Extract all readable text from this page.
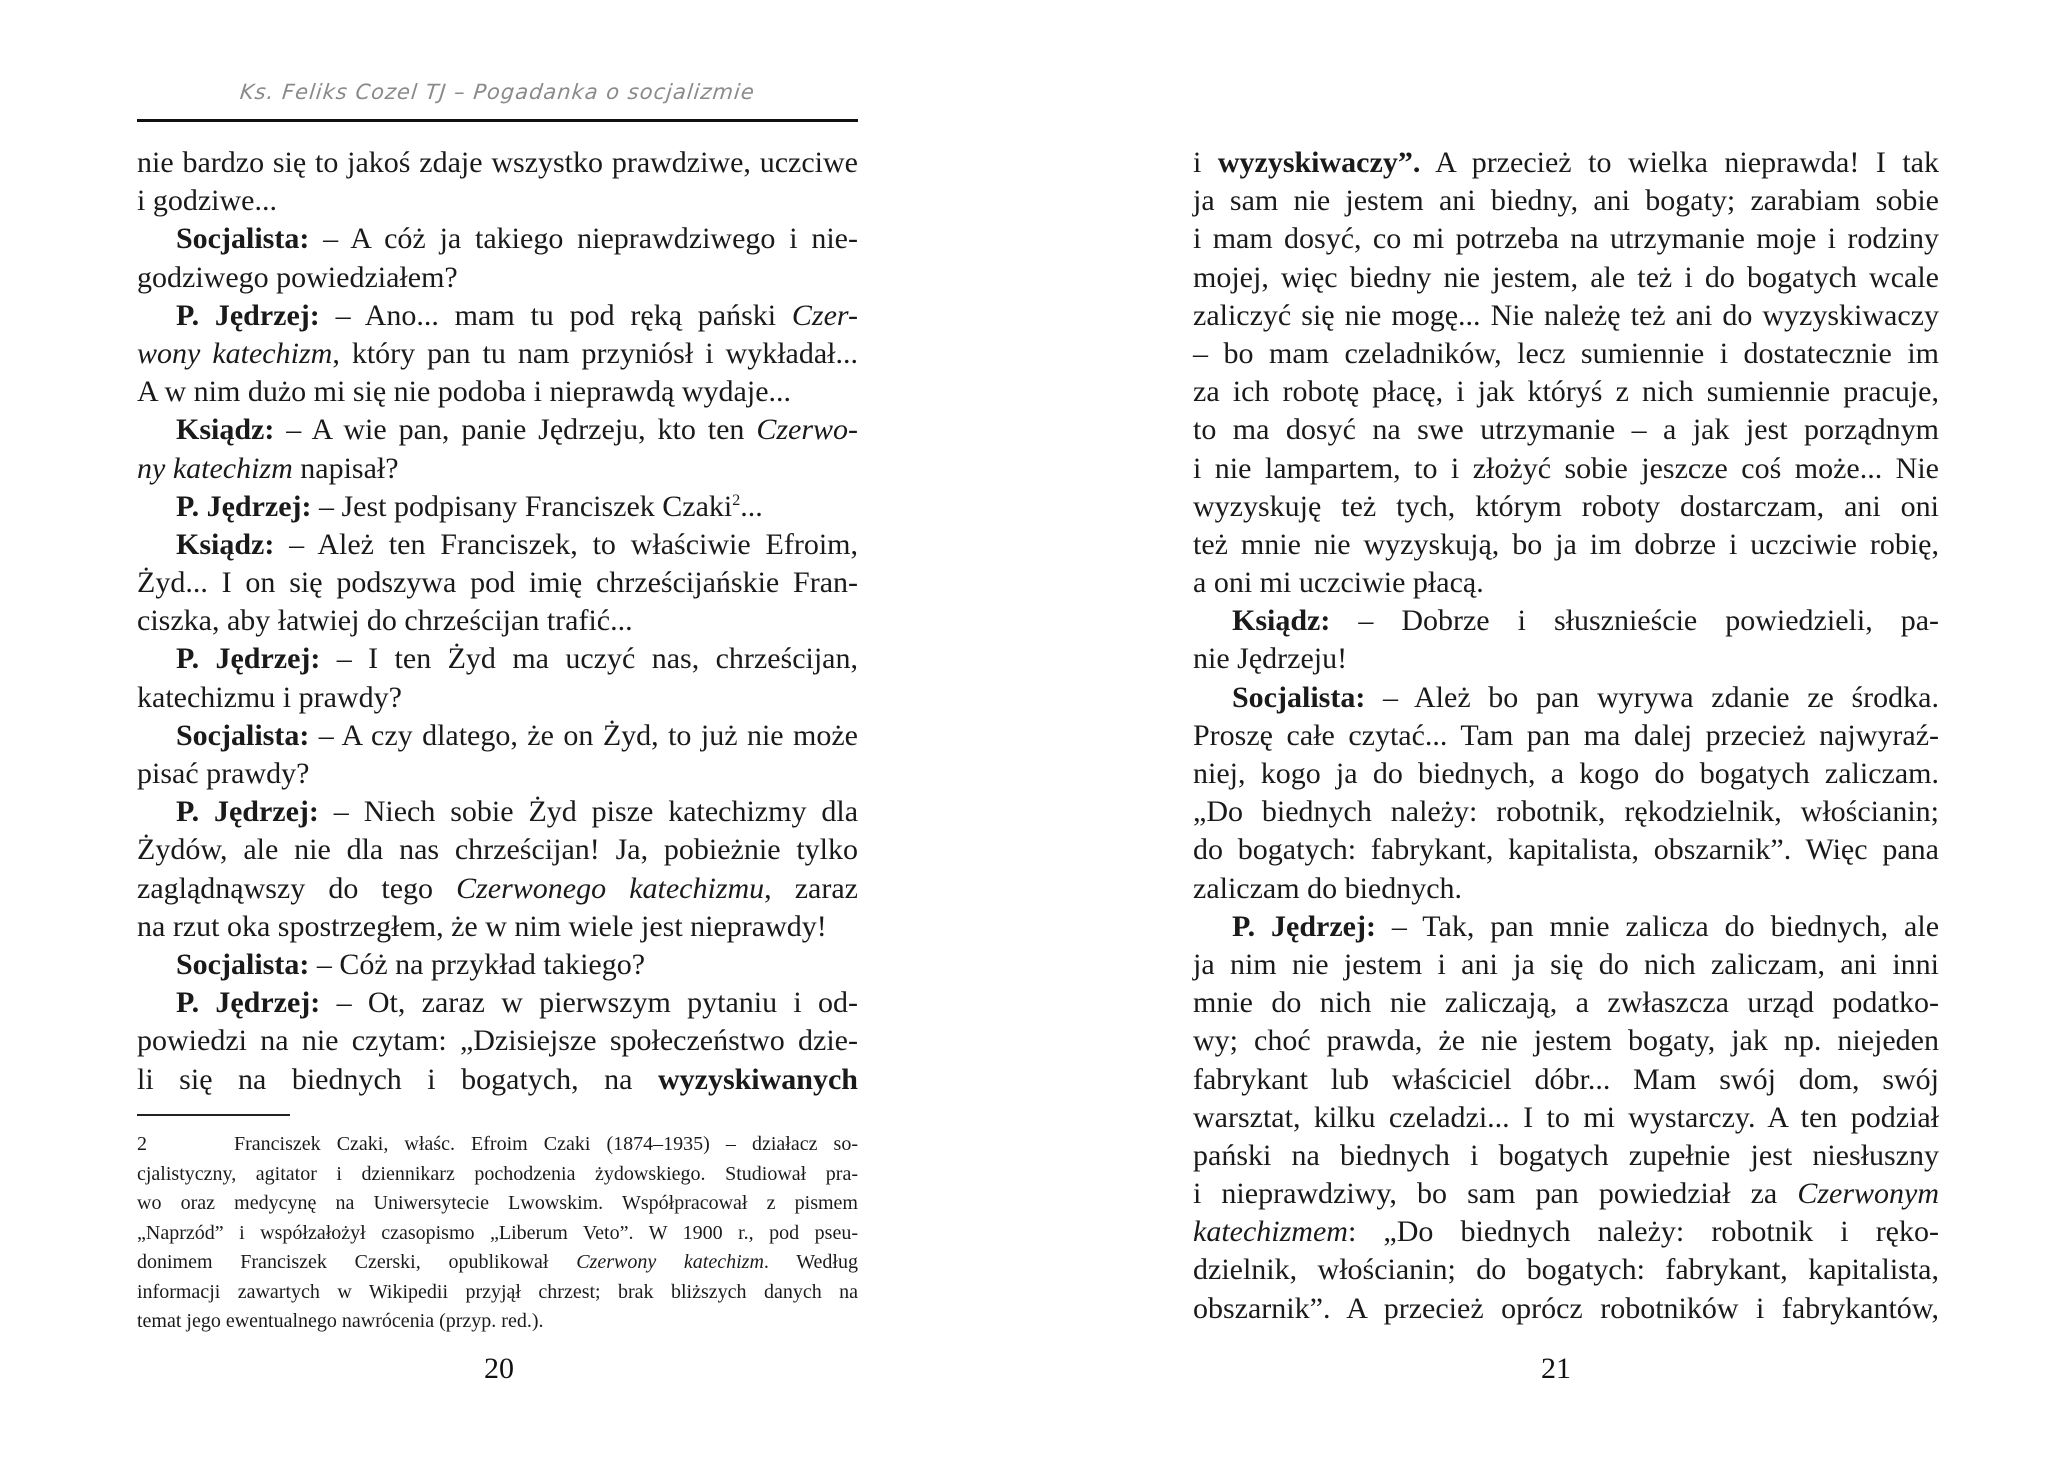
Ks. Feliks Cozel TJ – Pogadanka o socjalizmie
nie bardzo się to jakoś zdaje wszystko prawdziwe, uczciwe
i godziwe...
Socjalista: – A cóż ja takiego nieprawdziwego i nie-
godziwego powiedziałem?
P. Jędrzej: – Ano... mam tu pod ręką pański Czer-
wony katechizm, który pan tu nam przyniósł i wykładał...
A w nim dużo mi się nie podoba i nieprawdą wydaje...
Ksiądz: – A wie pan, panie Jędrzeju, kto ten Czerwo-
ny katechizm napisał?
P. Jędrzej: – Jest podpisany Franciszek Czaki$^2$...
Ksiądz: – Ależ ten Franciszek, to właściwie Efroim,
Żyd... I on się podszywa pod imię chrześcijańskie Fran-
ciszka, aby łatwiej do chrześcijan trafić...
P. Jędrzej: – I ten Żyd ma uczyć nas, chrześcijan,
katechizmu i prawdy?
Socjalista: – A czy dlatego, że on Żyd, to już nie może
pisać prawdy?
P. Jędrzej: – Niech sobie Żyd pisze katechizmy dla
Żydów, ale nie dla nas chrześcijan! Ja, pobieżnie tylko
zaglądnąwszy do tego Czerwonego katechizmu, zaraz
na rzut oka spostrzegłem, że w nim wiele jest nieprawdy!
Socjalista: – Cóż na przykład takiego?
P. Jędrzej: – Ot, zaraz w pierwszym pytaniu i od-
powiedzi na nie czytam: „Dzisiejsze społeczeństwo dzie-
li się na biednych i bogatych, na wyzyskiwanych
2	Franciszek Czaki, właśc. Efroim Czaki (1874–1935) – działacz so-
cjalistyczny, agitator i dziennikarz pochodzenia żydowskiego. Studiował pra-
wo oraz medycynę na Uniwersytecie Lwowskim. Współpracował z pismem
„Naprzód” i współzałożył czasopismo „Liberum Veto”. W 1900 r., pod pseu-
donimem Franciszek Czerski, opublikował Czerwony katechizm. Według
informacji zawartych w Wikipedii przyjął chrzest; brak bliższych danych na
temat jego ewentualnego nawrócenia (przyp. red.).
20
i wyzyskiwaczy”. A przecież to wielka nieprawda! I tak
ja sam nie jestem ani biedny, ani bogaty; zarabiam sobie
i mam dosyć, co mi potrzeba na utrzymanie moje i rodziny
mojej, więc biedny nie jestem, ale też i do bogatych wcale
zaliczyć się nie mogę... Nie należę też ani do wyzyskiwaczy
– bo mam czeladników, lecz sumiennie i dostatecznie im
za ich robotę płacę, i jak któryś z nich sumiennie pracuje,
to ma dosyć na swe utrzymanie – a jak jest porządnym
i nie lampartem, to i złożyć sobie jeszcze coś może... Nie
wyzyskuję też tych, którym roboty dostarczam, ani oni
też mnie nie wyzyskują, bo ja im dobrze i uczciwie robię,
a oni mi uczciwie płacą.
Ksiądz: – Dobrze i słusznieście powiedzieli, pa-
nie Jędrzeju!
Socjalista: – Ależ bo pan wyrywa zdanie ze środka.
Proszę całe czytać... Tam pan ma dalej przecież najwyraź-
niej, kogo ja do biednych, a kogo do bogatych zaliczam.
„Do biednych należy: robotnik, rękodzielnik, włościanin;
do bogatych: fabrykant, kapitalista, obszarnik”. Więc pana
zaliczam do biednych.
P. Jędrzej: – Tak, pan mnie zalicza do biednych, ale
ja nim nie jestem i ani ja się do nich zaliczam, ani inni
mnie do nich nie zaliczają, a zwłaszcza urząd podatko-
wy; choć prawda, że nie jestem bogaty, jak np. niejeden
fabrykant lub właściciel dóbr... Mam swój dom, swój
warsztat, kilku czeladzi... I to mi wystarczy. A ten podział
pański na biednych i bogatych zupełnie jest niesłuszny
i nieprawdziwy, bo sam pan powiedział za Czerwonym
katechizmem: „Do biednych należy: robotnik i ręko-
dzielnik, włościanin; do bogatych: fabrykant, kapitalista,
obszarnik”. A przecież oprócz robotników i fabrykantów,
21
